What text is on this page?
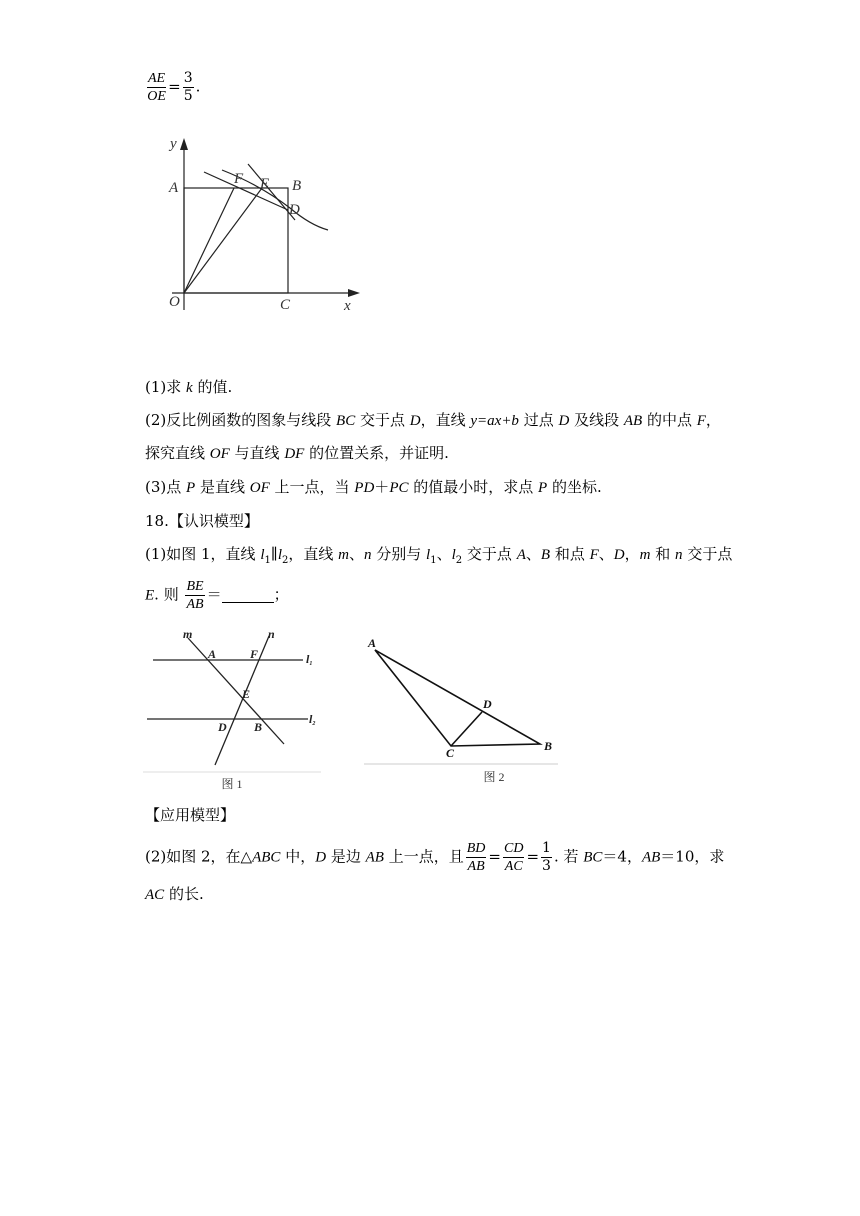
$\frac{AE}{OE} = \frac{3}{5}$ .
y
x
O
A
F E B
D
C
(1)求 k 的值.
(2)反比例函数的图象与线段 BC 交于点 D，直线 y=ax+b 过点 D 及线段 AB 的中点 F，
探究直线 OF 与直线 DF 的位置关系，并证明.
(3)点 P 是直线 OF 上一点，当 PD＋PC 的值最小时，求点 P 的坐标.
18.【认识模型】
(1)如图 1，直线 $l_1\parallel l_2$，直线 m、n 分别与 $l_1$、$l_2$ 交于点 A、B 和点 F、D，m 和 n 交于点
E. 则 $\frac{BE}{AB}$ ＝	；
m	n
A	F	l1
E
D B
l2
图 1
A
D
C	B
图 2
【应用模型】
(2)如图 2，在△ABC 中，D 是边 AB 上一点，且 $\frac{BD}{AB} = \frac{CD}{AC} = \frac{1}{3}$ . 若 BC＝4，AB＝10，求
AC 的长.
